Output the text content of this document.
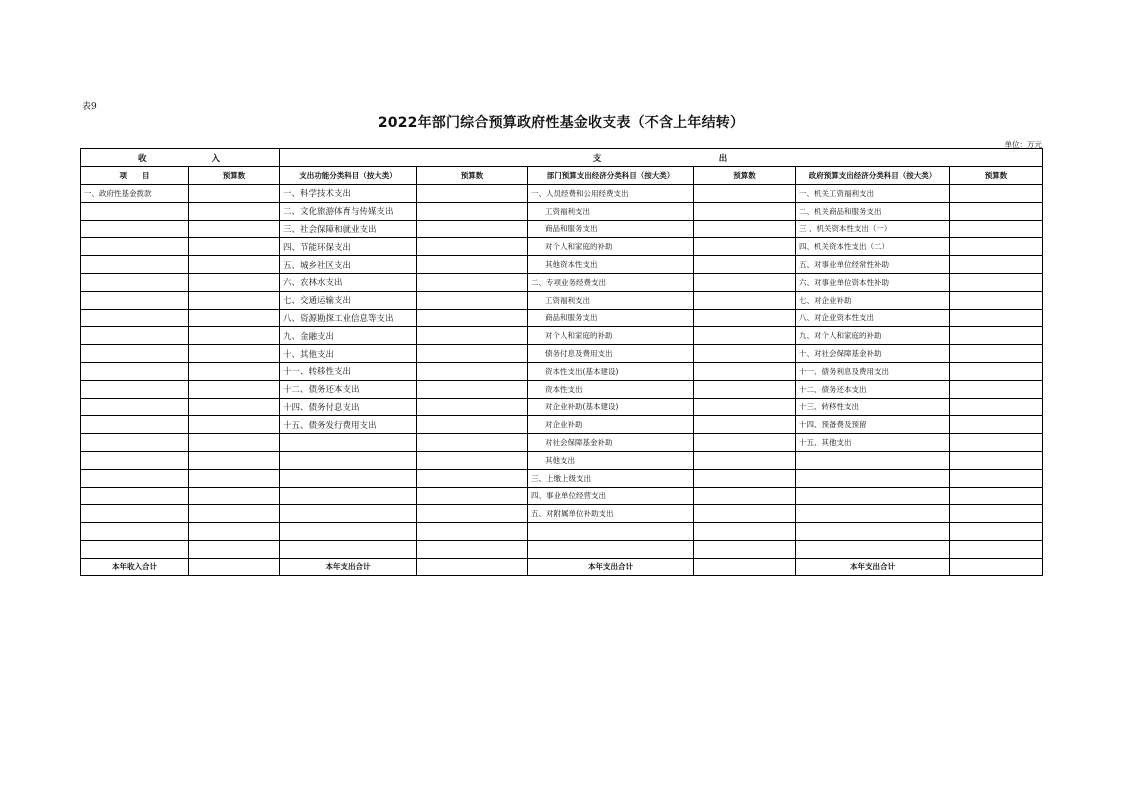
表9
2022年部门综合预算政府性基金收支表（不含上年结转）
单位：万元
收　　　　　　入		支　　　　　　　　　　　出					
项　　目	预算数	支出功能分类科目（按大类）	预算数	部门预算支出经济分类科目（按大类）	预算数	政府预算支出经济分类科目（按大类）	预算数
一、政府性基金拨款		一、科学技术支出		一、人员经费和公用经费支出		一、机关工资福利支出	
		二、文化旅游体育与传媒支出		工资福利支出		二、机关商品和服务支出	
		三、社会保障和就业支出		商品和服务支出		三 、机关资本性支出（一）	
		四、节能环保支出		对个人和家庭的补助		四、机关资本性支出（二）	
		五、城乡社区支出		其他资本性支出		五、对事业单位经常性补助	
		六、农林水支出		二、专项业务经费支出		六、对事业单位资本性补助	
		七、交通运输支出		工资福利支出		七、对企业补助	
		八、资源勘探工业信息等支出		商品和服务支出		八、对企业资本性支出	
		九、金融支出		对个人和家庭的补助		九、对个人和家庭的补助	
		十、其他支出		债务付息及费用支出		十、对社会保障基金补助	
		十一、转移性支出		资本性支出(基本建设)		十一、债务利息及费用支出	
		十二、债务还本支出		资本性支出		十二、债务还本支出	
		十四、债务付息支出		对企业补助(基本建设)		十三、转移性支出	
		十五、债务发行费用支出		对企业补助		十四、预备费及预留	
				对社会保障基金补助		十五、其他支出	
				其他支出			
				三、上缴上级支出			
				四、事业单位经营支出			
				五、对附属单位补助支出			

本年收入合计		本年支出合计		本年支出合计		本年支出合计	
